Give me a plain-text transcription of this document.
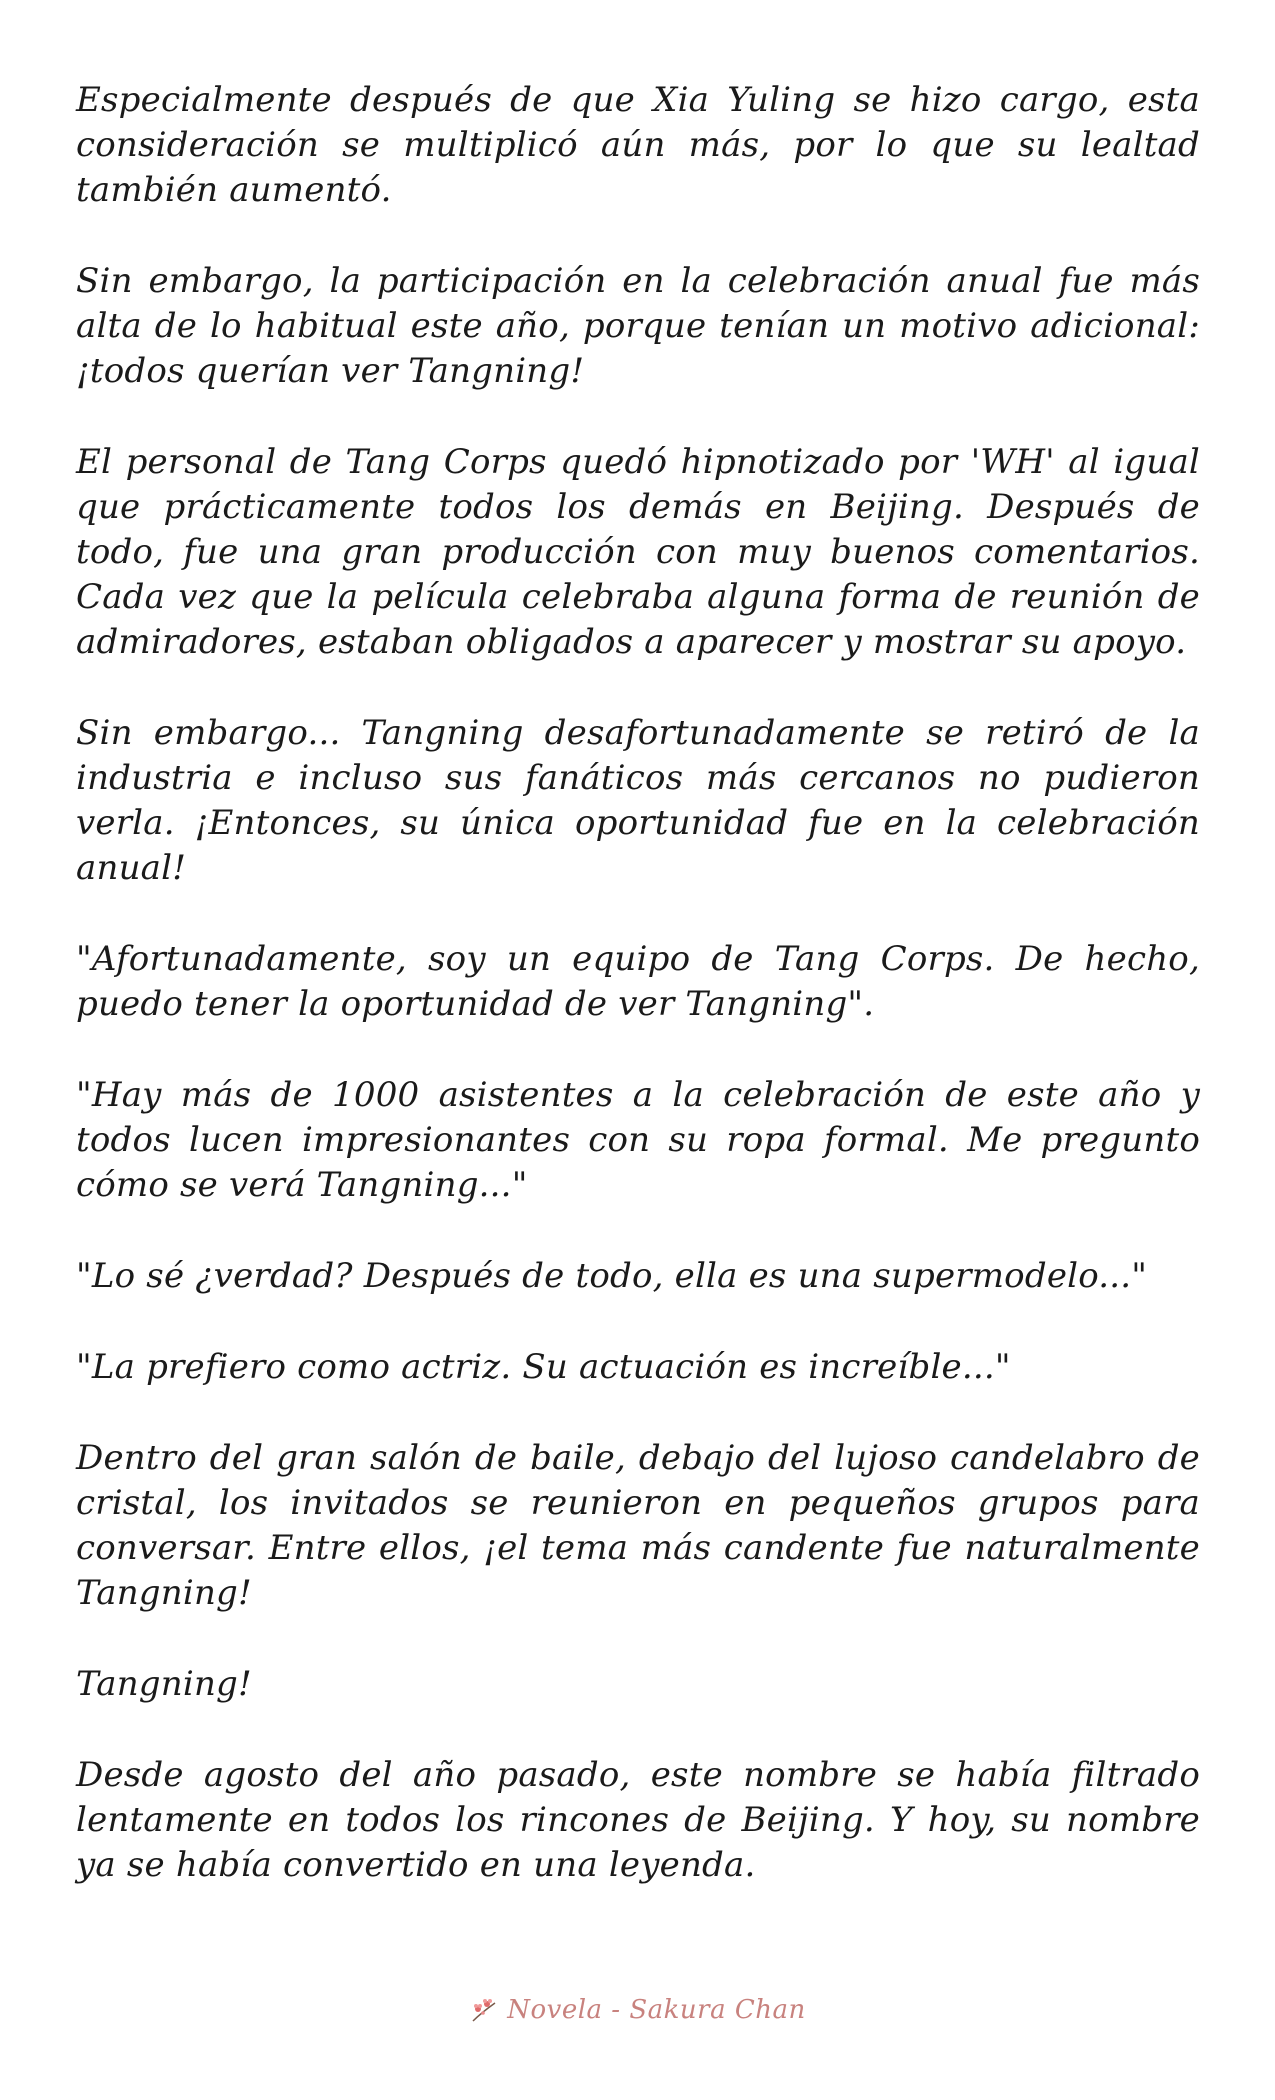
Especialmente después de que Xia Yuling se hizo cargo, esta consideración se multiplicó aún más, por lo que su lealtad también aumentó.

Sin embargo, la participación en la celebración anual fue más alta de lo habitual este año, porque tenían un motivo adicional: ¡todos querían ver Tangning!

El personal de Tang Corps quedó hipnotizado por 'WH' al igual que prácticamente todos los demás en Beijing. Después de todo, fue una gran producción con muy buenos comentarios. Cada vez que la película celebraba alguna forma de reunión de admiradores, estaban obligados a aparecer y mostrar su apoyo.

Sin embargo... Tangning desafortunadamente se retiró de la industria e incluso sus fanáticos más cercanos no pudieron verla. ¡Entonces, su única oportunidad fue en la celebración anual!

"Afortunadamente, soy un equipo de Tang Corps. De hecho, puedo tener la oportunidad de ver Tangning".

"Hay más de 1000 asistentes a la celebración de este año y todos lucen impresionantes con su ropa formal. Me pregunto cómo se verá Tangning..."

"Lo sé ¿verdad? Después de todo, ella es una supermodelo..."

"La prefiero como actriz. Su actuación es increíble..."

Dentro del gran salón de baile, debajo del lujoso candelabro de cristal, los invitados se reunieron en pequeños grupos para conversar. Entre ellos, ¡el tema más candente fue naturalmente Tangning!

Tangning!

Desde agosto del año pasado, este nombre se había filtrado lentamente en todos los rincones de Beijing. Y hoy, su nombre ya se había convertido en una leyenda.

Novela - Sakura Chan
